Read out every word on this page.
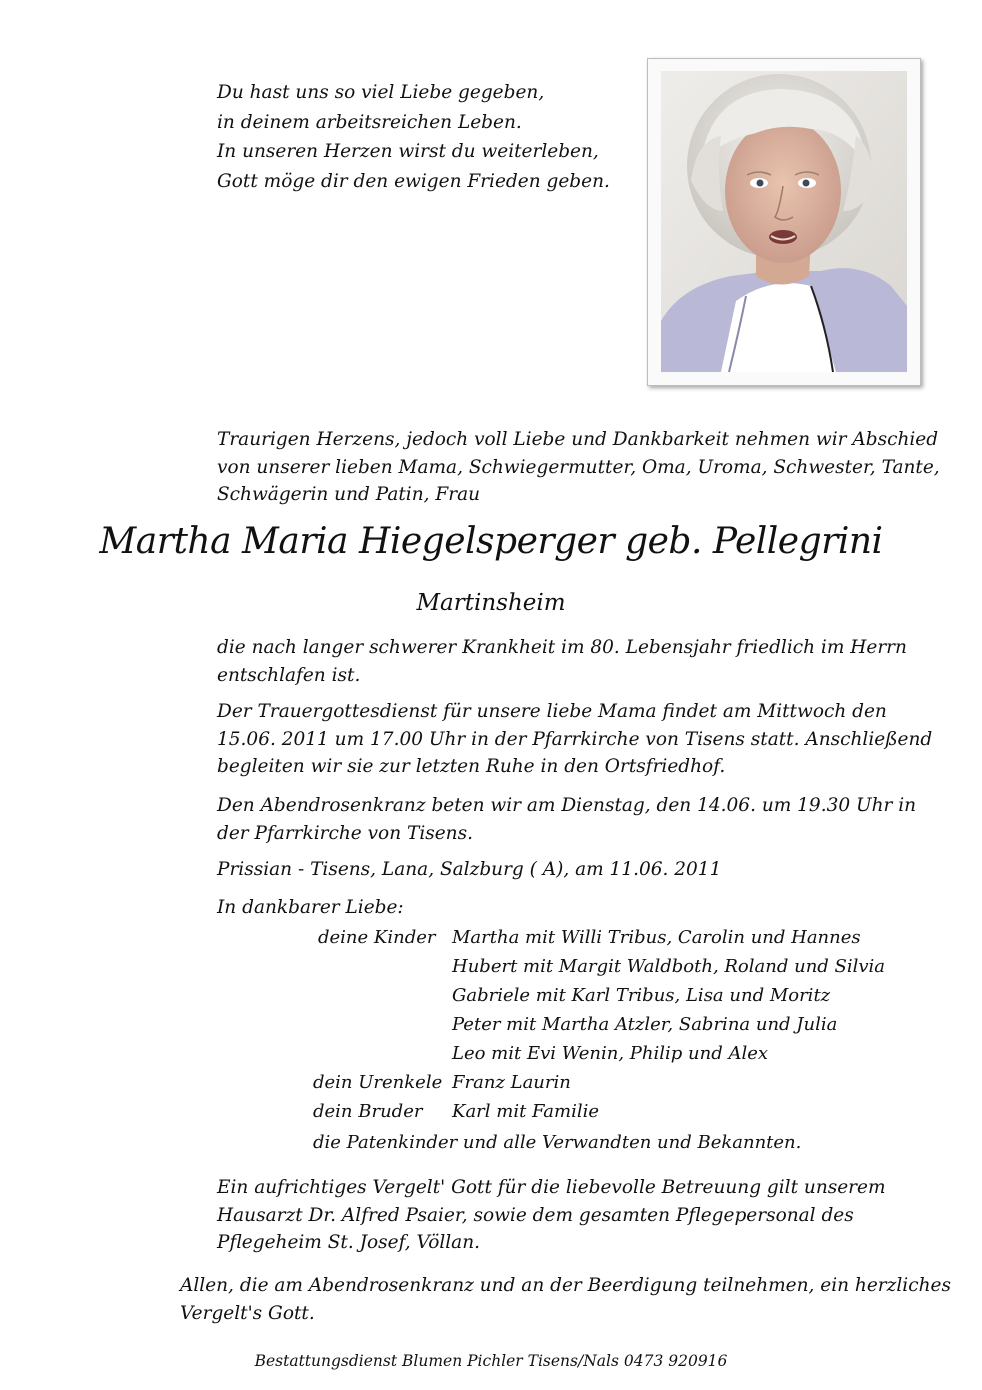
Du hast uns so viel Liebe gegeben,
in deinem arbeitsreichen Leben.
In unseren Herzen wirst du weiterleben,
Gott möge dir den ewigen Frieden geben.
Traurigen Herzens, jedoch voll Liebe und Dankbarkeit nehmen wir Abschied
von unserer lieben Mama, Schwiegermutter, Oma, Uroma, Schwester, Tante,
Schwägerin und Patin, Frau
Martha Maria Hiegelsperger geb. Pellegrini
Martinsheim
die nach langer schwerer Krankheit im 80. Lebensjahr friedlich im Herrn
entschlafen ist.
Der Trauergottesdienst für unsere liebe Mama findet am Mittwoch den
15.06. 2011 um 17.00 Uhr in der Pfarrkirche von Tisens statt. Anschließend
begleiten wir sie zur letzten Ruhe in den Ortsfriedhof.
Den Abendrosenkranz beten wir am Dienstag, den 14.06. um 19.30 Uhr in
der Pfarrkirche von Tisens.
Prissian - Tisens, Lana, Salzburg ( A), am 11.06. 2011
In dankbarer Liebe:
deine Kinder Martha mit Willi Tribus, Carolin und Hannes
Hubert mit Margit Waldboth, Roland und Silvia
Gabriele mit Karl Tribus, Lisa und Moritz
Peter mit Martha Atzler, Sabrina und Julia
Leo mit Evi Wenin, Philip und Alex
dein Urenkele Franz Laurin
dein Bruder Karl mit Familie
die Patenkinder und alle Verwandten und Bekannten.
Ein aufrichtiges Vergelt' Gott für die liebevolle Betreuung gilt unserem
Hausarzt Dr. Alfred Psaier, sowie dem gesamten Pflegepersonal des
Pflegeheim St. Josef, Völlan.
Allen, die am Abendrosenkranz und an der Beerdigung teilnehmen, ein herzliches
Vergelt's Gott.
Bestattungsdienst Blumen Pichler Tisens/Nals 0473 920916
